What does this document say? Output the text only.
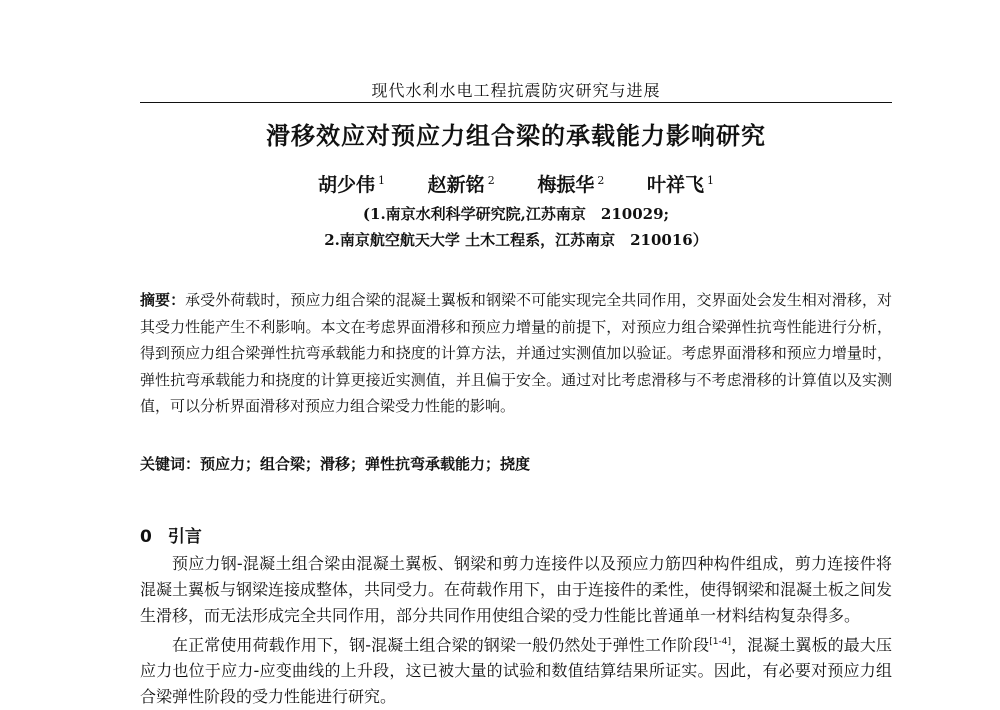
现代水利水电工程抗震防灾研究与进展
滑移效应对预应力组合梁的承载能力影响研究
胡少伟 $^1$ 赵新铭 $^2$ 梅振华 $^2$ 叶祥飞 $^1$
(1.南京水利科学研究院,江苏南京　210029;
2.南京航空航天大学 土木工程系，江苏南京　210016）
摘要：承受外荷载时，预应力组合梁的混凝土翼板和钢梁不可能实现完全共同作用，交界面处会发生相对滑移，对其受力性能产生不利影响。本文在考虑界面滑移和预应力增量的前提下，对预应力组合梁弹性抗弯性能进行分析，得到预应力组合梁弹性抗弯承载能力和挠度的计算方法，并通过实测值加以验证。考虑界面滑移和预应力增量时，弹性抗弯承载能力和挠度的计算更接近实测值，并且偏于安全。通过对比考虑滑移与不考虑滑移的计算值以及实测值，可以分析界面滑移对预应力组合梁受力性能的影响。
关键词：预应力；组合梁；滑移；弹性抗弯承载能力；挠度
0 引言

预应力钢-混凝土组合梁由混凝土翼板、钢梁和剪力连接件以及预应力筋四种构件组成，剪力连接件将混凝土翼板与钢梁连接成整体，共同受力。在荷载作用下，由于连接件的柔性，使得钢梁和混凝土板之间发生滑移，而无法形成完全共同作用，部分共同作用使组合梁的受力性能比普通单一材料结构复杂得多。

在正常使用荷载作用下，钢-混凝土组合梁的钢梁一般仍然处于弹性工作阶段[1-4]，混凝土翼板的最大压应力也位于应力-应变曲线的上升段，这已被大量的试验和数值结算结果所证实。因此，有必要对预应力组合梁弹性阶段的受力性能进行研究。
